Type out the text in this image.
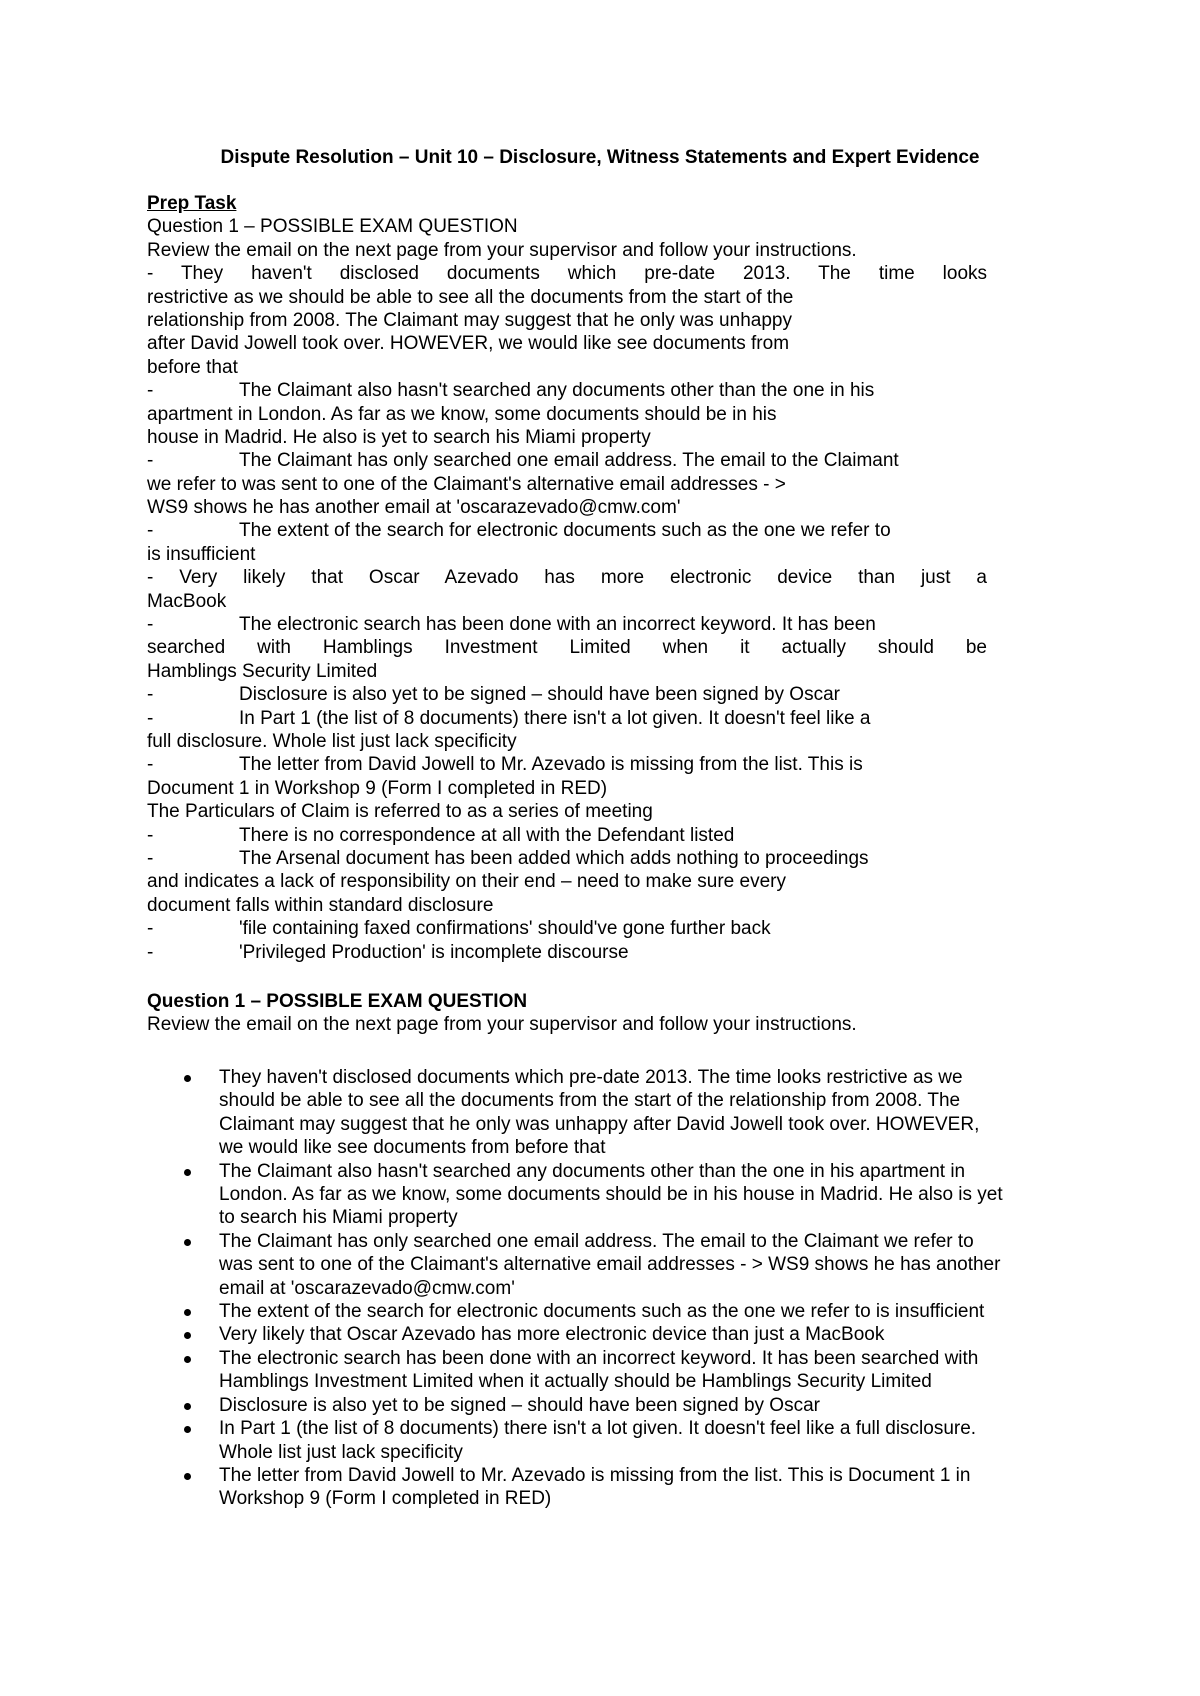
Dispute Resolution – Unit 10 – Disclosure, Witness Statements and Expert Evidence
Prep Task
Question 1 – POSSIBLE EXAM QUESTION
Review the email on the next page from your supervisor and follow your instructions.
- They haven't disclosed documents which pre-date 2013. The time looks
restrictive as we should be able to see all the documents from the start of the
relationship from 2008. The Claimant may suggest that he only was unhappy
after David Jowell took over. HOWEVER, we would like see documents from
before that
-	The Claimant also hasn't searched any documents other than the one in his
apartment in London. As far as we know, some documents should be in his
house in Madrid. He also is yet to search his Miami property
-	The Claimant has only searched one email address. The email to the Claimant
we refer to was sent to one of the Claimant's alternative email addresses - >
WS9 shows he has another email at 'oscarazevado@cmw.com'
-	The extent of the search for electronic documents such as the one we refer to
is insufficient
- Very likely that Oscar Azevado has more electronic device than just a
MacBook
-	The electronic search has been done with an incorrect keyword. It has been
searched with Hamblings Investment Limited when it actually should be
Hamblings Security Limited
-	Disclosure is also yet to be signed – should have been signed by Oscar
-	In Part 1 (the list of 8 documents) there isn't a lot given. It doesn't feel like a
full disclosure. Whole list just lack specificity
-	The letter from David Jowell to Mr. Azevado is missing from the list. This is
Document 1 in Workshop 9 (Form I completed in RED)
The Particulars of Claim is referred to as a series of meeting
-	There is no correspondence at all with the Defendant listed
-	The Arsenal document has been added which adds nothing to proceedings
and indicates a lack of responsibility on their end – need to make sure every
document falls within standard disclosure
-	'file containing faxed confirmations' should've gone further back
-	'Privileged Production' is incomplete discourse
Question 1 – POSSIBLE EXAM QUESTION
Review the email on the next page from your supervisor and follow your instructions.
They haven't disclosed documents which pre-date 2013. The time looks restrictive as we
should be able to see all the documents from the start of the relationship from 2008. The
Claimant may suggest that he only was unhappy after David Jowell took over. HOWEVER,
we would like see documents from before that
The Claimant also hasn't searched any documents other than the one in his apartment in
London. As far as we know, some documents should be in his house in Madrid. He also is yet
to search his Miami property
The Claimant has only searched one email address. The email to the Claimant we refer to
was sent to one of the Claimant's alternative email addresses - > WS9 shows he has another
email at 'oscarazevado@cmw.com'
The extent of the search for electronic documents such as the one we refer to is insufficient
Very likely that Oscar Azevado has more electronic device than just a MacBook
The electronic search has been done with an incorrect keyword. It has been searched with
Hamblings Investment Limited when it actually should be Hamblings Security Limited
Disclosure is also yet to be signed – should have been signed by Oscar
In Part 1 (the list of 8 documents) there isn't a lot given. It doesn't feel like a full disclosure.
Whole list just lack specificity
The letter from David Jowell to Mr. Azevado is missing from the list. This is Document 1 in
Workshop 9 (Form I completed in RED)
